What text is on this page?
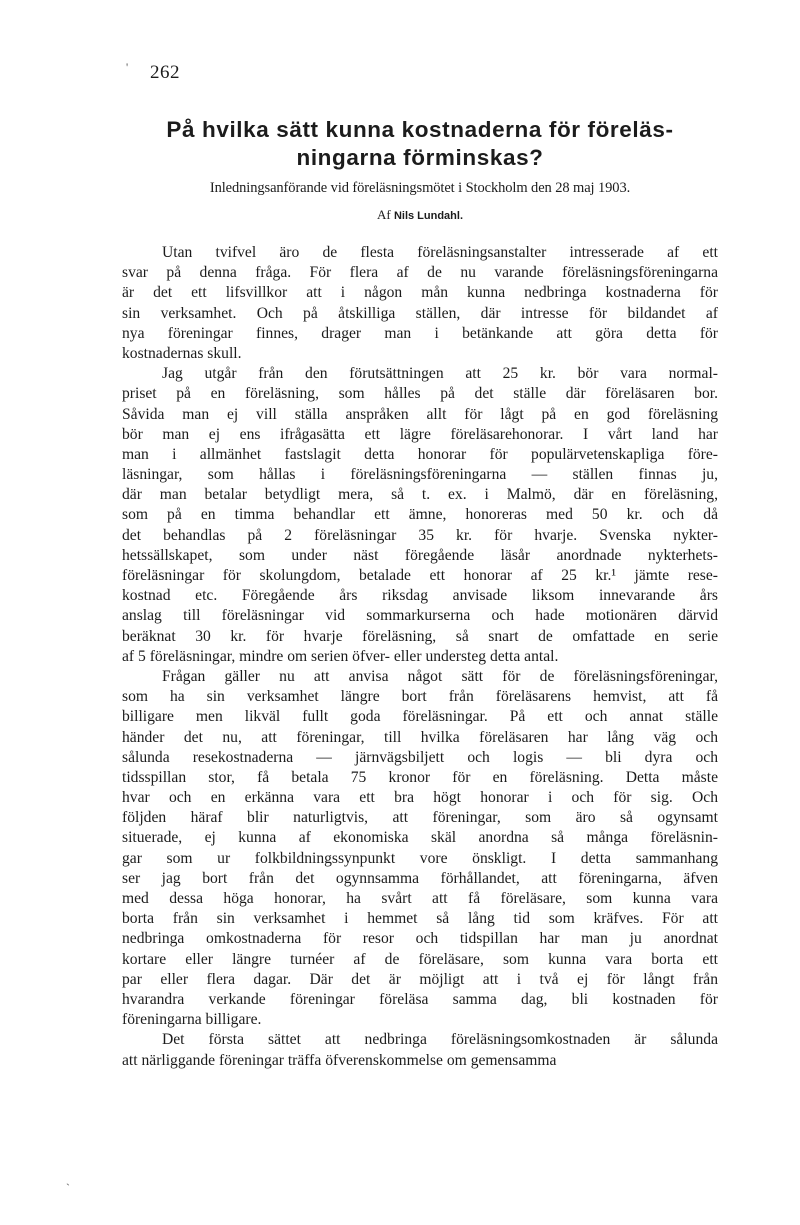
' 262
På hvilka sätt kunna kostnaderna för föreläs-
ningarna förminskas?
Inledningsanförande vid föreläsningsmötet i Stockholm den 28 maj 1903.
Af Nils Lundahl.
Utan tvifvel äro de flesta föreläsningsanstalter intresserade af ett
svar på denna fråga. För flera af de nu varande föreläsningsföreningarna
är det ett lifsvillkor att i någon mån kunna nedbringa kostnaderna för
sin verksamhet. Och på åtskilliga ställen, där intresse för bildandet af
nya föreningar finnes, drager man i betänkande att göra detta för
kostnadernas skull.
Jag utgår från den förutsättningen att 25 kr. bör vara normal-
priset på en föreläsning, som hålles på det ställe där föreläsaren bor.
Såvida man ej vill ställa anspråken allt för lågt på en god föreläsning
bör man ej ens ifrågasätta ett lägre föreläsarehonorar. I vårt land har
man i allmänhet fastslagit detta honorar för populärvetenskapliga före-
läsningar, som hållas i föreläsningsföreningarna — ställen finnas ju,
där man betalar betydligt mera, så t. ex. i Malmö, där en föreläsning,
som på en timma behandlar ett ämne, honoreras med 50 kr. och då
det behandlas på 2 föreläsningar 35 kr. för hvarje. Svenska nykter-
hetssällskapet, som under näst föregående läsår anordnade nykterhets-
föreläsningar för skolungdom, betalade ett honorar af 25 kr.¹ jämte rese-
kostnad etc. Föregående års riksdag anvisade liksom innevarande års
anslag till föreläsningar vid sommarkurserna och hade motionären därvid
beräknat 30 kr. för hvarje föreläsning, så snart de omfattade en serie
af 5 föreläsningar, mindre om serien öfver- eller understeg detta antal.
Frågan gäller nu att anvisa något sätt för de föreläsningsföreningar,
som ha sin verksamhet längre bort från föreläsarens hemvist, att få
billigare men likväl fullt goda föreläsningar. På ett och annat ställe
händer det nu, att föreningar, till hvilka föreläsaren har lång väg och
sålunda resekostnaderna — järnvägsbiljett och logis — bli dyra och
tidsspillan stor, få betala 75 kronor för en föreläsning. Detta måste
hvar och en erkänna vara ett bra högt honorar i och för sig. Och
följden häraf blir naturligtvis, att föreningar, som äro så ogynsamt
situerade, ej kunna af ekonomiska skäl anordna så många föreläsnin-
gar som ur folkbildningssynpunkt vore önskligt. I detta sammanhang
ser jag bort från det ogynnsamma förhållandet, att föreningarna, äfven
med dessa höga honorar, ha svårt att få föreläsare, som kunna vara
borta från sin verksamhet i hemmet så lång tid som kräfves. För att
nedbringa omkostnaderna för resor och tidspillan har man ju anordnat
kortare eller längre turnéer af de föreläsare, som kunna vara borta ett
par eller flera dagar. Där det är möjligt att i två ej för långt från
hvarandra verkande föreningar föreläsa samma dag, bli kostnaden för
föreningarna billigare.
Det första sättet att nedbringa föreläsningsomkostnaden är sålunda
att närliggande föreningar träffa öfverenskommelse om gemensamma
ˎ
